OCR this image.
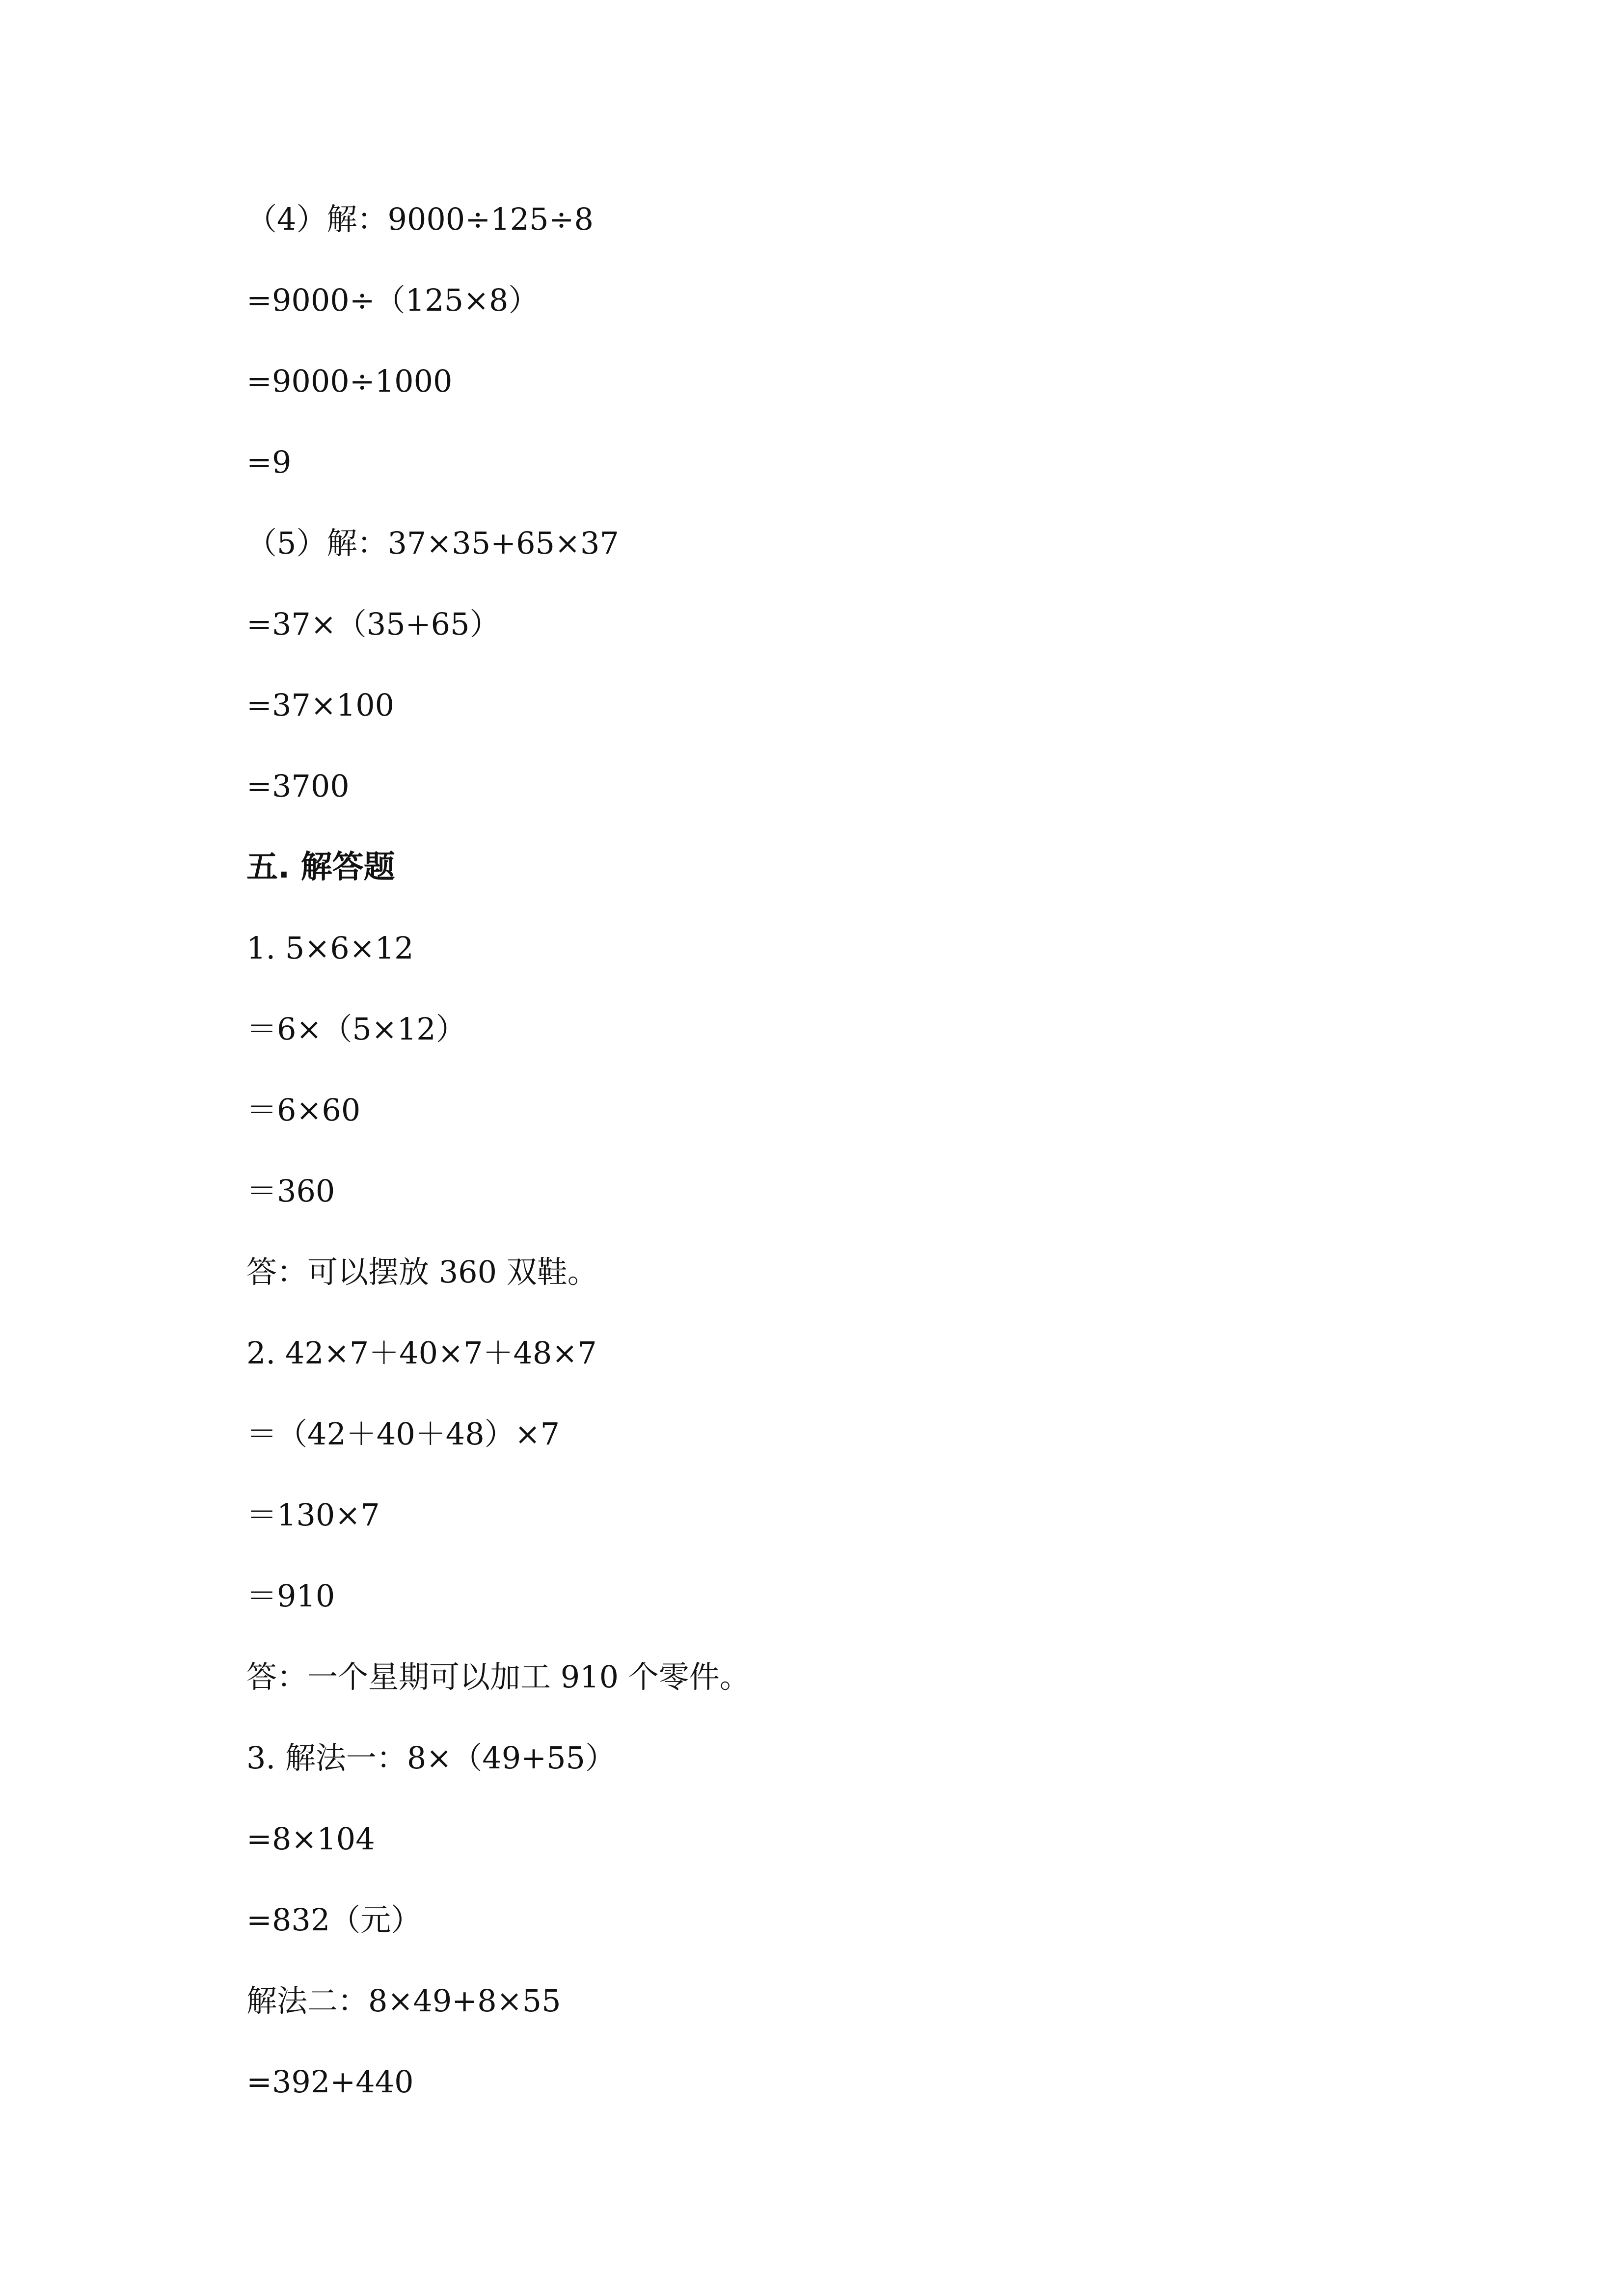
（4）解：9000÷125÷8
=9000÷（125×8）
=9000÷1000
=9
（5）解：37×35+65×37
=37×（35+65）
=37×100
=3700
五. 解答题
1. 5×6×12
＝6×（5×12）
＝6×60
＝360
答：可以摆放 360 双鞋。
2. 42×7＋40×7＋48×7
＝（42＋40＋48）×7
＝130×7
＝910
答：一个星期可以加工 910 个零件。
3. 解法一：8×（49+55）
=8×104
=832（元）
解法二：8×49+8×55
=392+440
